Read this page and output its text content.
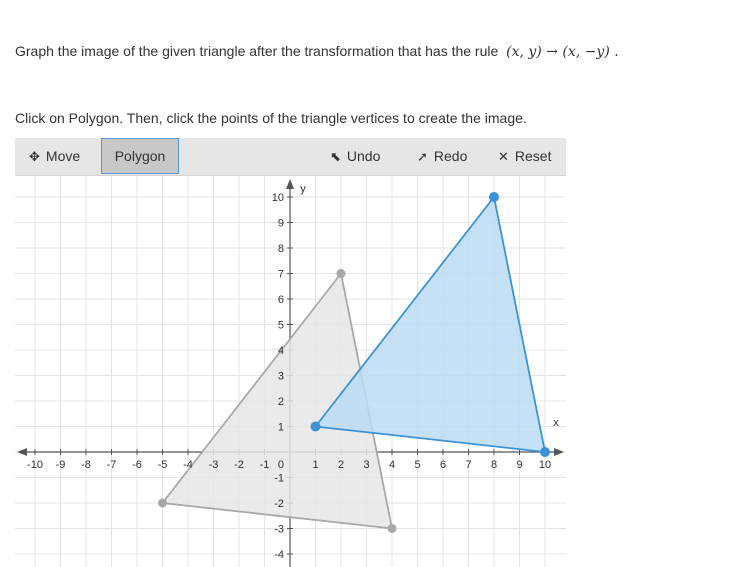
Graph the image of the given triangle after the transformation that has the rule (x, y) → (x, −y) .
Click on Polygon. Then, click the points of the triangle vertices to create the image.
✥ Move	Polygon	⬉ Undo	➚ Redo ✕ Reset
x
y
-10 -9 -8 -7 -6 -5 -4 -3 -2 -1	1 2 3 4 5 6 7 8 9 10
-4
-3
-2
-1
1
2
3
4
5
6
7
8
9
10
0
